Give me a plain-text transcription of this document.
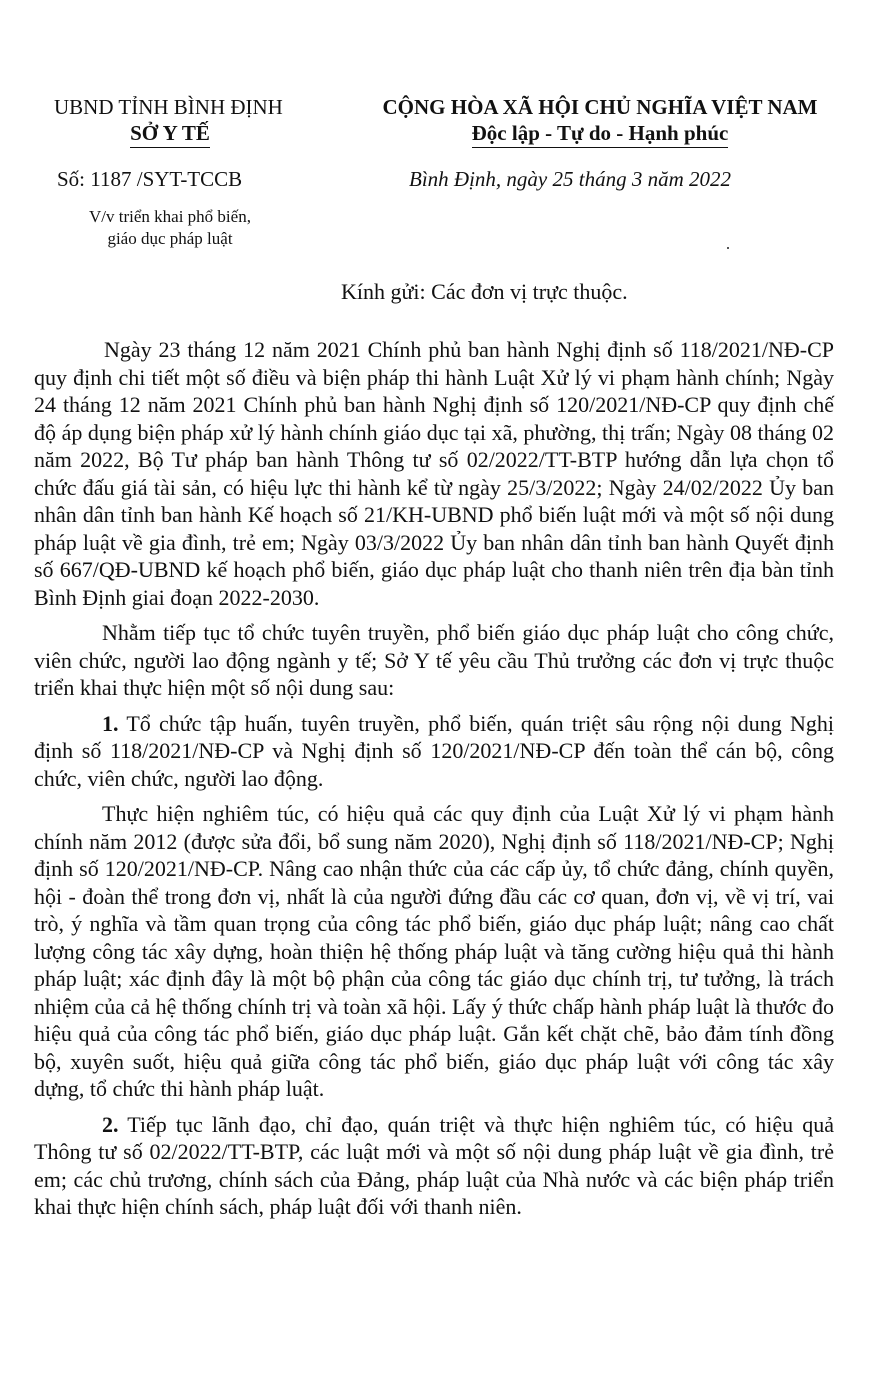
UBND TỈNH BÌNH ĐỊNH
SỞ Y TẾ
Số: 1187 /SYT-TCCB
V/v triển khai phổ biến,
giáo dục pháp luật
CỘNG HÒA XÃ HỘI CHỦ NGHĨA VIỆT NAM
Độc lập - Tự do - Hạnh phúc
Bình Định, ngày 25 tháng 3 năm 2022
Kính gửi: Các đơn vị trực thuộc.

Ngày 23 tháng 12 năm 2021 Chính phủ ban hành Nghị định số 118/2021/NĐ-CP quy định chi tiết một số điều và biện pháp thi hành Luật Xử lý vi phạm hành chính; Ngày 24 tháng 12 năm 2021 Chính phủ ban hành Nghị định số 120/2021/NĐ-CP quy định chế độ áp dụng biện pháp xử lý hành chính giáo dục tại xã, phường, thị trấn; Ngày 08 tháng 02 năm 2022, Bộ Tư pháp ban hành Thông tư số 02/2022/TT-BTP hướng dẫn lựa chọn tổ chức đấu giá tài sản, có hiệu lực thi hành kể từ ngày 25/3/2022; Ngày 24/02/2022 Ủy ban nhân dân tỉnh ban hành Kế hoạch số 21/KH-UBND phổ biến luật mới và một số nội dung pháp luật về gia đình, trẻ em; Ngày 03/3/2022 Ủy ban nhân dân tỉnh ban hành Quyết định số 667/QĐ-UBND kế hoạch phổ biến, giáo dục pháp luật cho thanh niên trên địa bàn tỉnh Bình Định giai đoạn 2022-2030.

Nhằm tiếp tục tổ chức tuyên truyền, phổ biến giáo dục pháp luật cho công chức, viên chức, người lao động ngành y tế; Sở Y tế yêu cầu Thủ trưởng các đơn vị trực thuộc triển khai thực hiện một số nội dung sau:

1. Tổ chức tập huấn, tuyên truyền, phổ biến, quán triệt sâu rộng nội dung Nghị định số 118/2021/NĐ-CP và Nghị định số 120/2021/NĐ-CP đến toàn thể cán bộ, công chức, viên chức, người lao động.

Thực hiện nghiêm túc, có hiệu quả các quy định của Luật Xử lý vi phạm hành chính năm 2012 (được sửa đổi, bổ sung năm 2020), Nghị định số 118/2021/NĐ-CP; Nghị định số 120/2021/NĐ-CP. Nâng cao nhận thức của các cấp ủy, tổ chức đảng, chính quyền, hội - đoàn thể trong đơn vị, nhất là của người đứng đầu các cơ quan, đơn vị, về vị trí, vai trò, ý nghĩa và tầm quan trọng của công tác phổ biến, giáo dục pháp luật; nâng cao chất lượng công tác xây dựng, hoàn thiện hệ thống pháp luật và tăng cường hiệu quả thi hành pháp luật; xác định đây là một bộ phận của công tác giáo dục chính trị, tư tưởng, là trách nhiệm của cả hệ thống chính trị và toàn xã hội. Lấy ý thức chấp hành pháp luật là thước đo hiệu quả của công tác phổ biến, giáo dục pháp luật. Gắn kết chặt chẽ, bảo đảm tính đồng bộ, xuyên suốt, hiệu quả giữa công tác phổ biến, giáo dục pháp luật với công tác xây dựng, tổ chức thi hành pháp luật.

2. Tiếp tục lãnh đạo, chỉ đạo, quán triệt và thực hiện nghiêm túc, có hiệu quả Thông tư số 02/2022/TT-BTP, các luật mới và một số nội dung pháp luật về gia đình, trẻ em; các chủ trương, chính sách của Đảng, pháp luật của Nhà nước và các biện pháp triển khai thực hiện chính sách, pháp luật đối với thanh niên.
